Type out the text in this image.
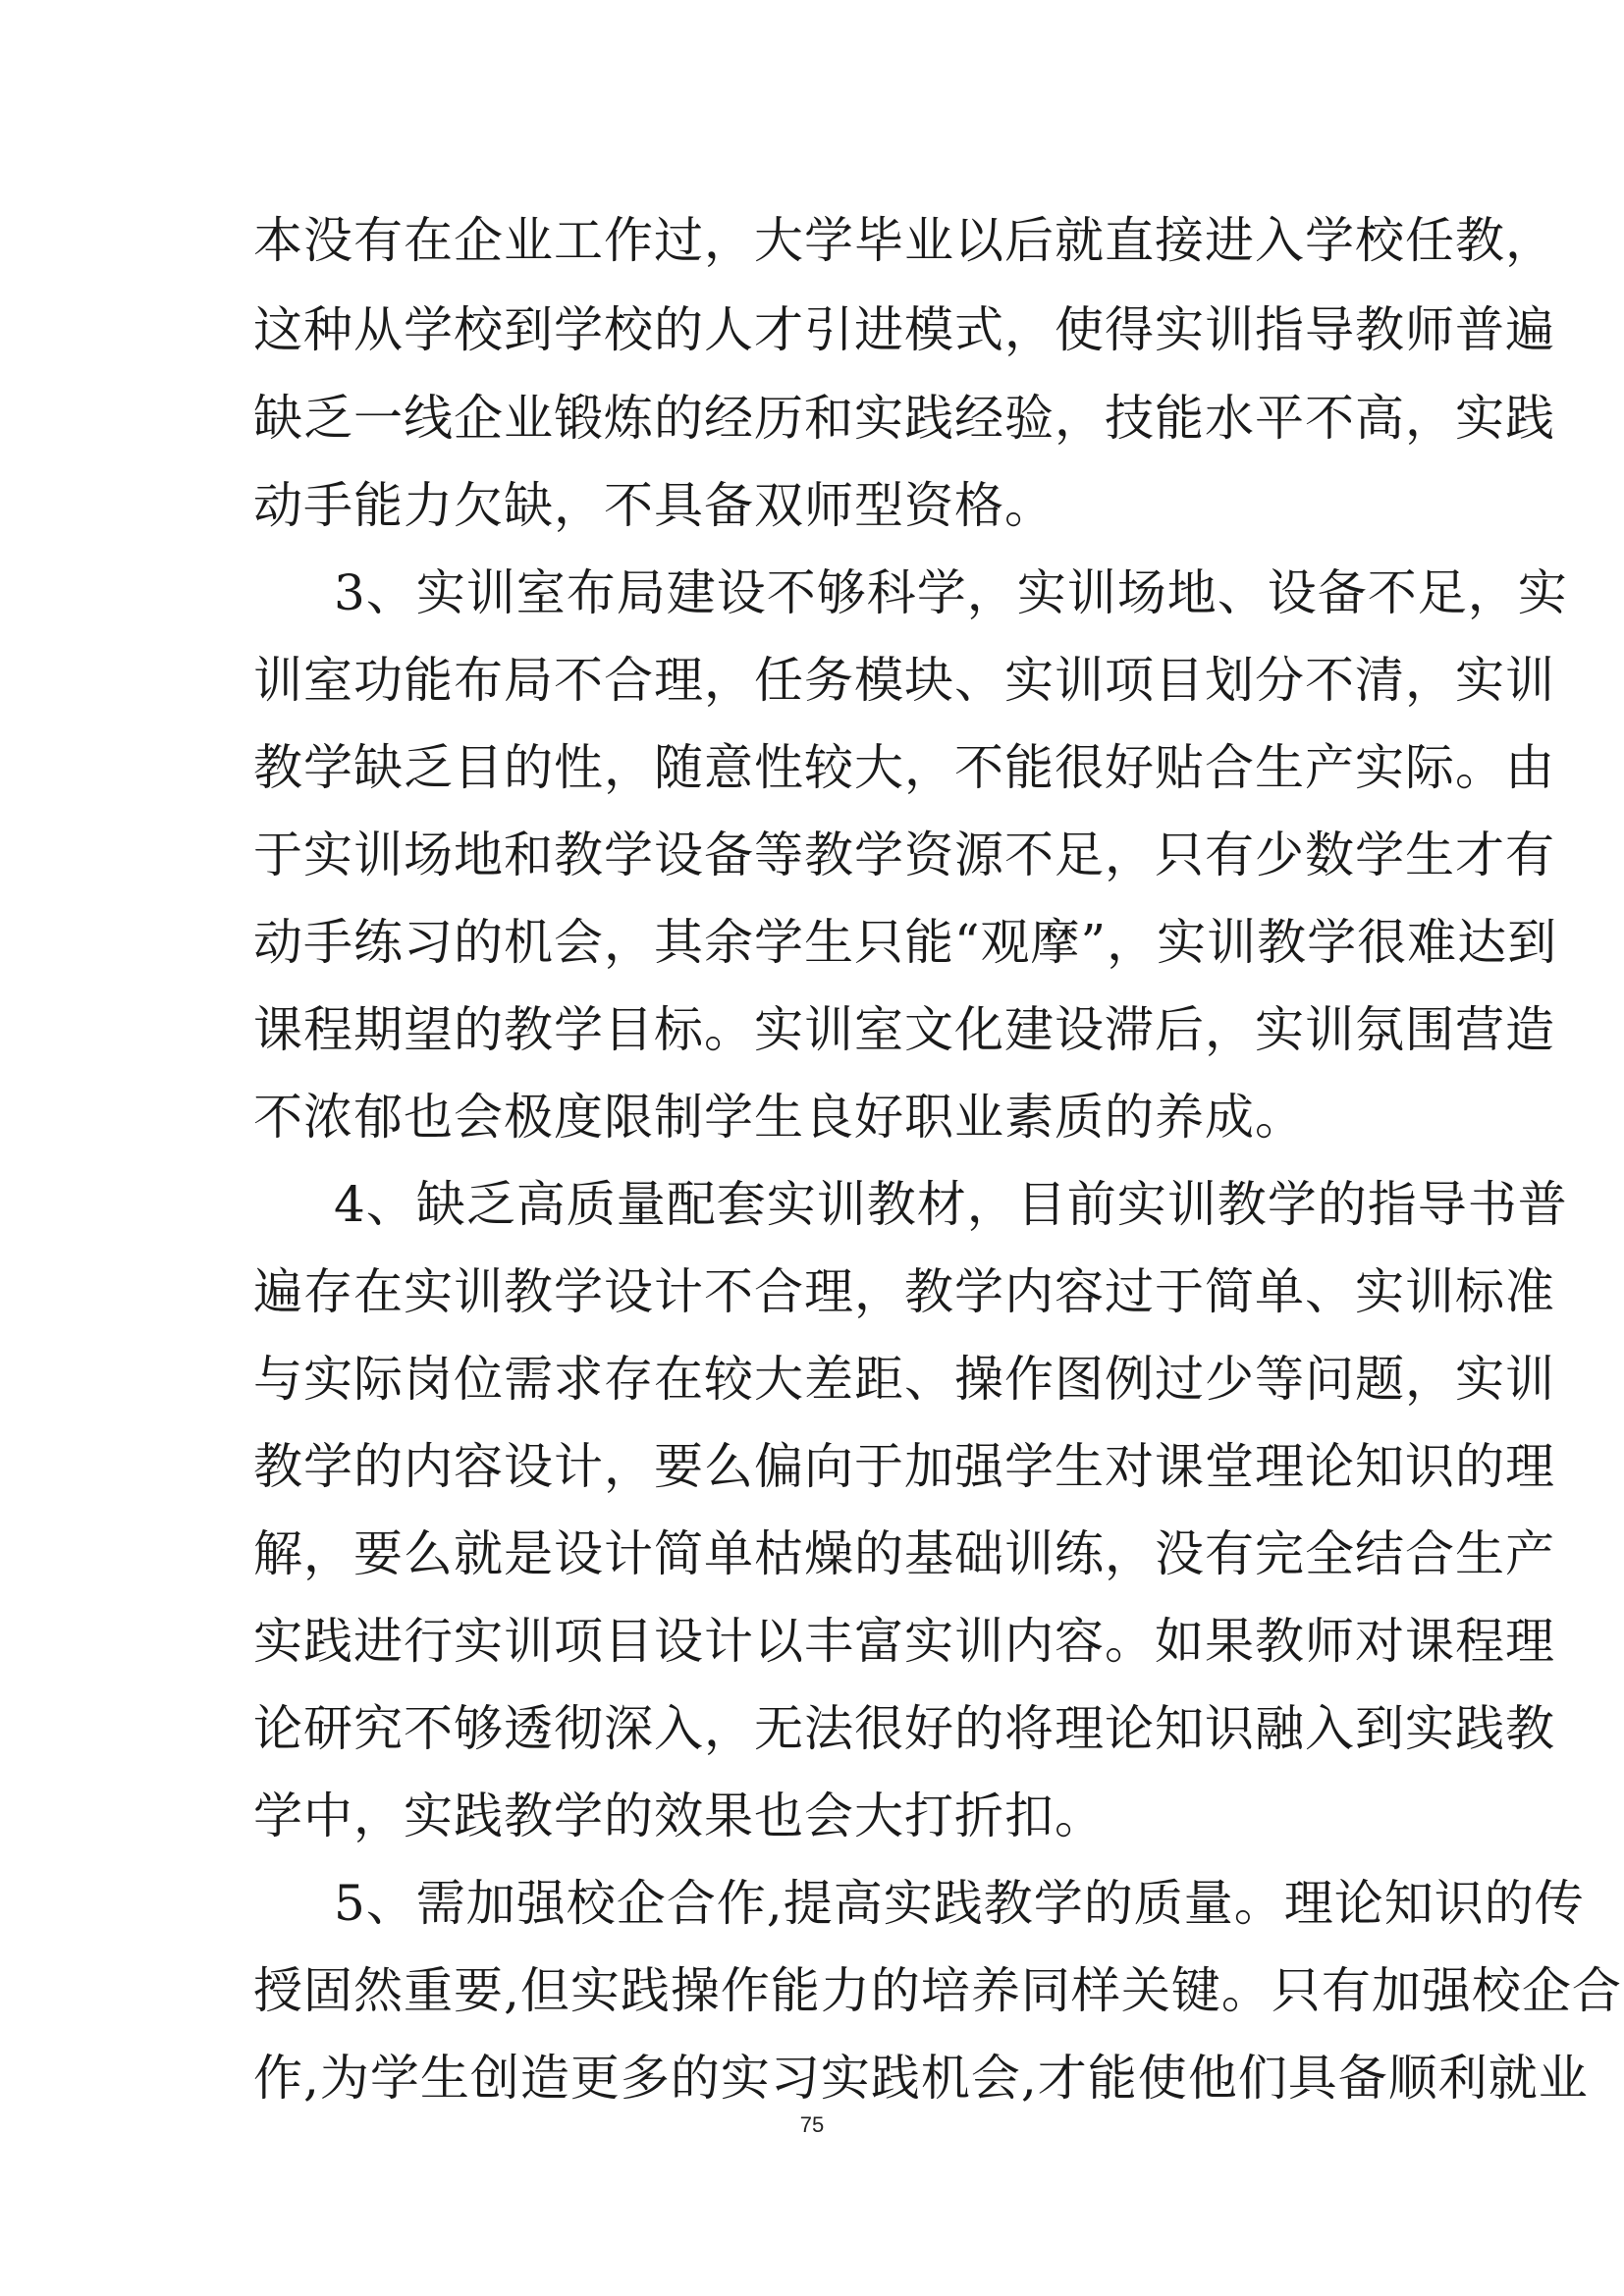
本没有在企业工作过，大学毕业以后就直接进入学校任教，
这种从学校到学校的人才引进模式，使得实训指导教师普遍
缺乏一线企业锻炼的经历和实践经验，技能水平不高，实践
动手能力欠缺，不具备双师型资格。
3、实训室布局建设不够科学，实训场地、设备不足，实
训室功能布局不合理，任务模块、实训项目划分不清，实训
教学缺乏目的性，随意性较大，不能很好贴合生产实际。由
于实训场地和教学设备等教学资源不足，只有少数学生才有
动手练习的机会，其余学生只能“观摩”，实训教学很难达到
课程期望的教学目标。实训室文化建设滞后，实训氛围营造
不浓郁也会极度限制学生良好职业素质的养成。
4、缺乏高质量配套实训教材，目前实训教学的指导书普
遍存在实训教学设计不合理，教学内容过于简单、实训标准
与实际岗位需求存在较大差距、操作图例过少等问题，实训
教学的内容设计，要么偏向于加强学生对课堂理论知识的理
解，要么就是设计简单枯燥的基础训练，没有完全结合生产
实践进行实训项目设计以丰富实训内容。如果教师对课程理
论研究不够透彻深入，无法很好的将理论知识融入到实践教
学中，实践教学的效果也会大打折扣。
5、需加强校企合作,提高实践教学的质量。理论知识的传
授固然重要,但实践操作能力的培养同样关键。只有加强校企合
作,为学生创造更多的实习实践机会,才能使他们具备顺利就业
75
